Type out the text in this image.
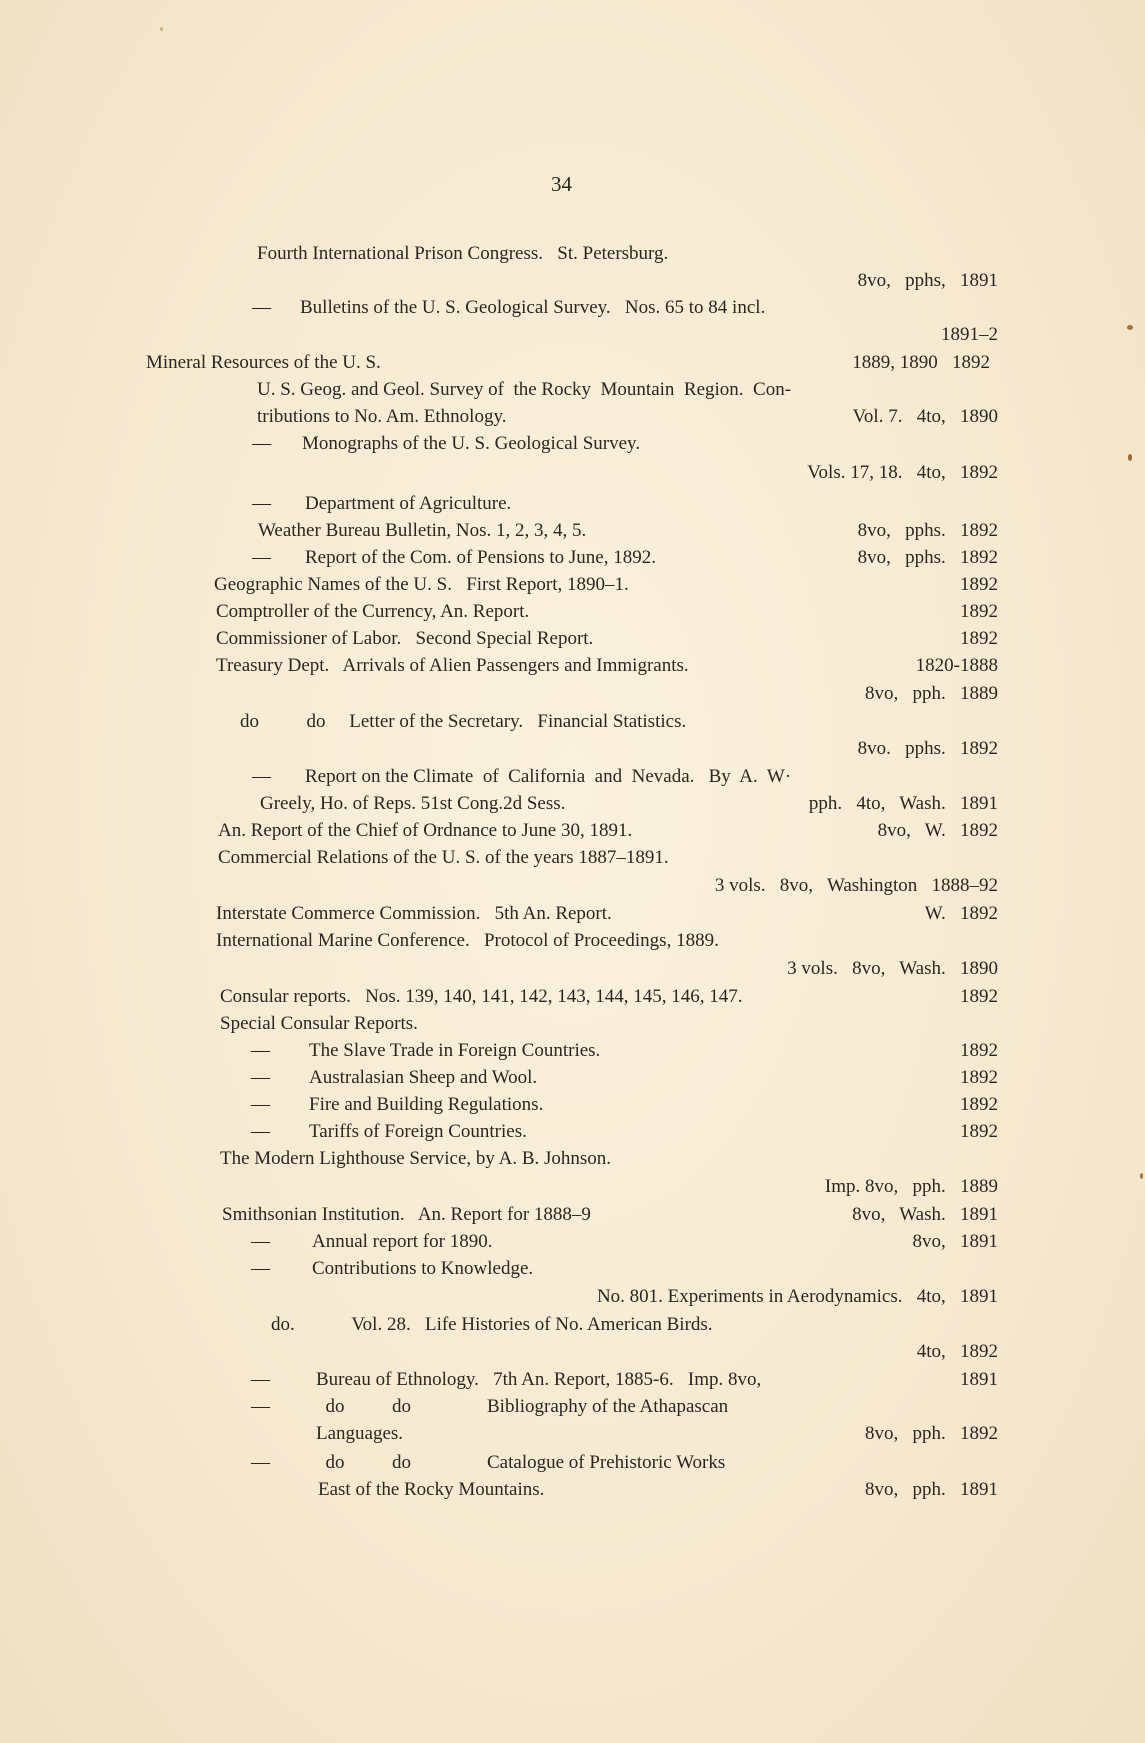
34
Fourth International Prison Congress.   St. Petersburg.
8vo,   pphs,   1891
— Bulletins of the U. S. Geological Survey.   Nos. 65 to 84 incl.
1891–2
Mineral Resources of the U. S.	1889, 1890   1892
U. S. Geog. and Geol. Survey of  the Rocky  Mountain  Region.  Con-
tributions to No. Am. Ethnology.	Vol. 7.   4to,   1890
— Monographs of the U. S. Geological Survey.
Vols. 17, 18.   4to,   1892
— Department of Agriculture.
Weather Bureau Bulletin, Nos. 1, 2, 3, 4, 5.	8vo,   pphs.   1892
— Report of the Com. of Pensions to June, 1892.	8vo,   pphs.   1892
Geographic Names of the U. S.   First Report, 1890–1.	1892
Comptroller of the Currency, An. Report.	1892
Commissioner of Labor.   Second Special Report.	1892
Treasury Dept.   Arrivals of Alien Passengers and Immigrants.	1820-1888
8vo,   pph.   1889
do          do     Letter of the Secretary.   Financial Statistics.
8vo.   pphs.   1892
— Report on the Climate  of  California  and  Nevada.   By  A.  W·
Greely, Ho. of Reps. 51st Cong.2d Sess.	pph.   4to,   Wash.   1891
An. Report of the Chief of Ordnance to June 30, 1891.	8vo,   W.   1892
Commercial Relations of the U. S. of the years 1887–1891.
3 vols.   8vo,   Washington   1888–92
Interstate Commerce Commission.   5th An. Report.	W.   1892
International Marine Conference.   Protocol of Proceedings, 1889.
3 vols.   8vo,   Wash.   1890
Consular reports.   Nos. 139, 140, 141, 142, 143, 144, 145, 146, 147.	1892
Special Consular Reports.
— The Slave Trade in Foreign Countries.	1892
— Australasian Sheep and Wool.	1892
— Fire and Building Regulations.	1892
— Tariffs of Foreign Countries.	1892
The Modern Lighthouse Service, by A. B. Johnson.
Imp. 8vo,   pph.   1889
Smithsonian Institution.   An. Report for 1888–9	8vo,   Wash.   1891
— Annual report for 1890.	8vo,   1891
— Contributions to Knowledge.
No. 801. Experiments in Aerodynamics.   4to,   1891
do.            Vol. 28.   Life Histories of No. American Birds.
4to,   1892
— Bureau of Ethnology.   7th An. Report, 1885-6.   Imp. 8vo,	1891
— do          do                Bibliography of the Athapascan
Languages.	8vo,   pph.   1892
— do          do                Catalogue of Prehistoric Works
East of the Rocky Mountains.	8vo,   pph.   1891
